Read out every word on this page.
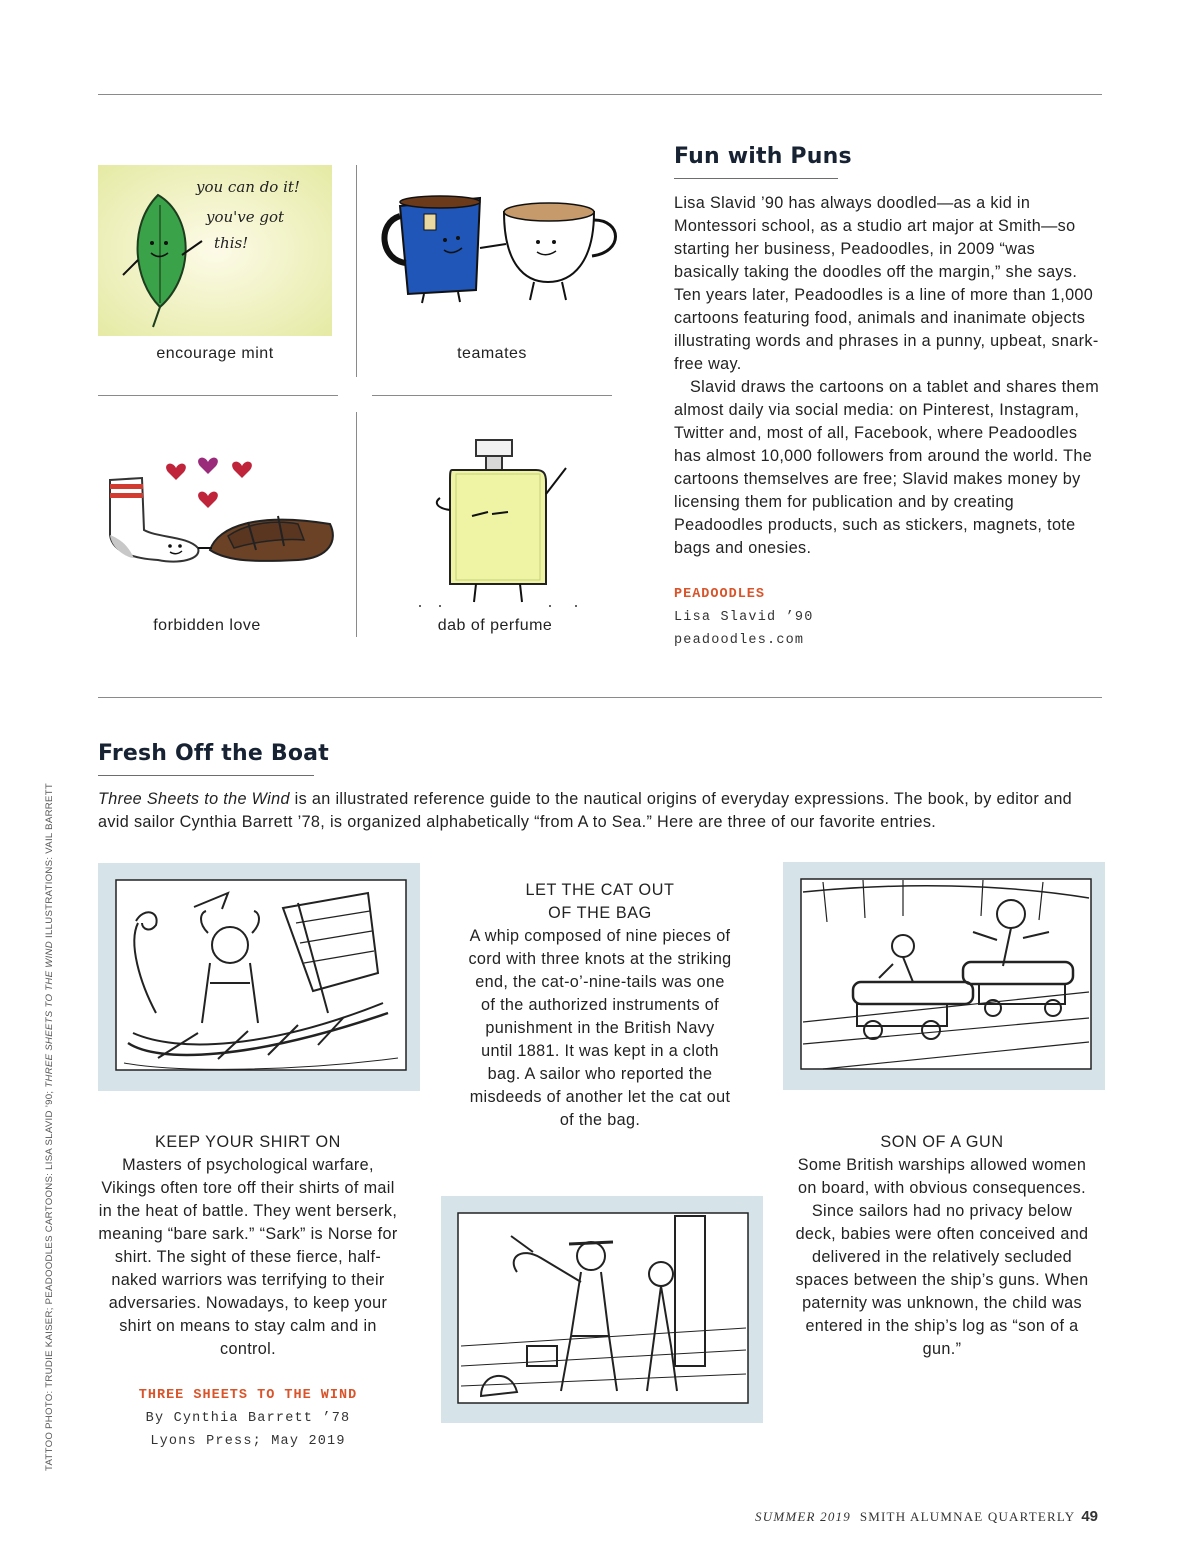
Fun with Puns

Lisa Slavid ’90 has always doodled—as a kid in Montessori school, as a studio art major at Smith—so starting her business, Peadoodles, in 2009 “was basically taking the doodles off the margin,” she says. Ten years later, Peadoodles is a line of more than 1,000 cartoons featuring food, animals and inanimate objects illustrating words and phrases in a punny, upbeat, snark-free way.

Slavid draws the cartoons on a tablet and shares them almost daily via social media: on Pinterest, Instagram, Twitter and, most of all, Facebook, where Peadoodles has almost 10,000 followers from around the world. The cartoons themselves are free; Slavid makes money by licensing them for publication and by creating Peadoodles products, such as stickers, magnets, tote bags and onesies.

PEADOODLES
Lisa Slavid ’90
peadoodles.com
you can do it!
you've got
this!
encourage mint	teamates
forbidden love	dab of perfume
Fresh Off the Boat
Three Sheets to the Wind is an illustrated reference guide to the nautical origins of everyday expressions. The book, by editor and avid sailor Cynthia Barrett ’78, is organized alphabetically “from A to Sea.” Here are three of our favorite entries.
KEEP YOUR SHIRT ON
Masters of psychological warfare, Vikings often tore off their shirts of mail in the heat of battle. They went berserk, meaning “bare sark.” “Sark” is Norse for shirt. The sight of these fierce, half-naked warriors was terrifying to their adversaries. Nowadays, to keep your shirt on means to stay calm and in control.
THREE SHEETS TO THE WIND
By Cynthia Barrett ’78
Lyons Press; May 2019
LET THE CAT OUT
OF THE BAG
A whip composed of nine pieces of cord with three knots at the striking end, the cat-o’-nine-tails was one of the authorized instruments of punishment in the British Navy until 1881. It was kept in a cloth bag. A sailor who reported the misdeeds of another let the cat out of the bag.
SON OF A GUN
Some British warships allowed women on board, with obvious consequences. Since sailors had no privacy below deck, babies were often conceived and delivered in the relatively secluded spaces between the ship’s guns. When paternity was unknown, the child was entered in the ship’s log as “son of a gun.”
TATTOO PHOTO: TRUDIE KAISER; PEADOODLES CARTOONS: LISA SLAVID ’90; THREE SHEETS TO THE WIND ILLUSTRATIONS: VAIL BARRETT
SUMMER 2019 SMITH ALUMNAE QUARTERLY 49
